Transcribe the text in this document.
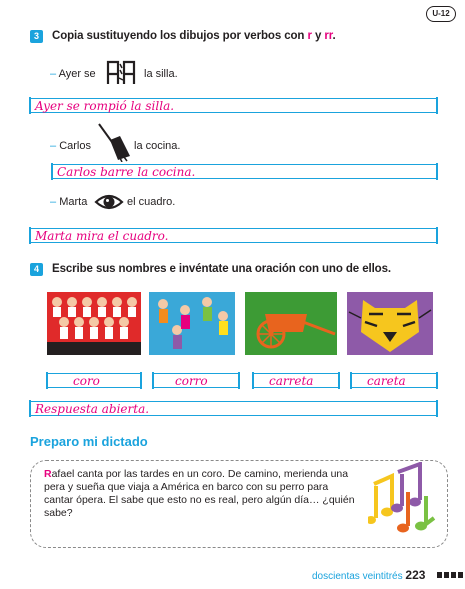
U-12
3	Copia sustituyendo los dibujos por verbos con r y rr.
– Ayer se	la silla.
Ayer se rompió la silla.
– Carlos	la cocina.
Carlos barre la cocina.
– Marta	el cuadro.
Marta mira el cuadro.
4	Escribe sus nombres e invéntate una oración con uno de ellos.
coro	corro	carreta	careta
Respuesta abierta.
Preparo mi dictado
Rafael canta por las tardes en un coro. De camino, merienda una pera y sueña que viaja a América en barco con su perro para cantar ópera. El sabe que esto no es real, pero algún día… ¿quién sabe?
doscientas veintitrés 223
